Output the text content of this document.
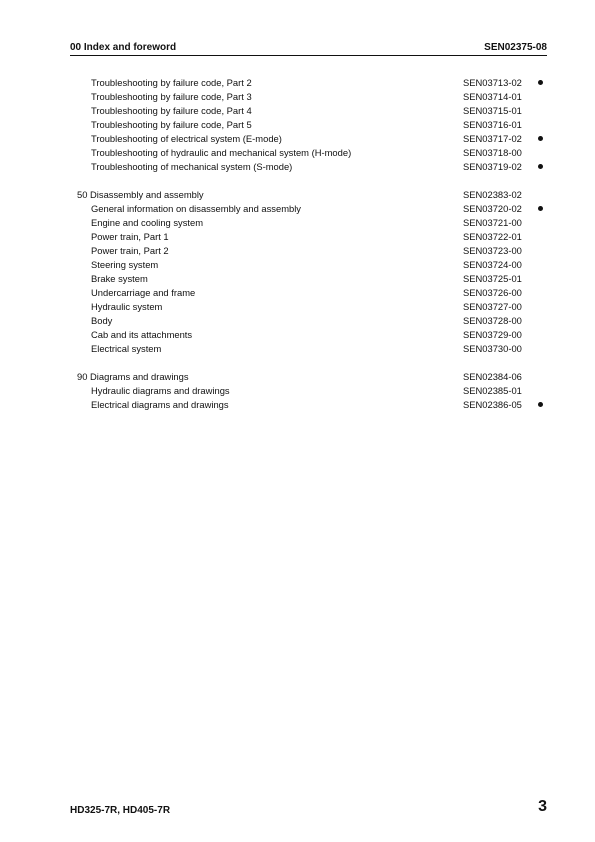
00 Index and foreword	SEN02375-08
Troubleshooting by failure code, Part 2	SEN03713-02
Troubleshooting by failure code, Part 3	SEN03714-01
Troubleshooting by failure code, Part 4	SEN03715-01
Troubleshooting by failure code, Part 5	SEN03716-01
Troubleshooting of electrical system (E-mode)	SEN03717-02
Troubleshooting of hydraulic and mechanical system (H-mode)	SEN03718-00
Troubleshooting of mechanical system (S-mode)	SEN03719-02
50 Disassembly and assembly	SEN02383-02
General information on disassembly and assembly	SEN03720-02
Engine and cooling system	SEN03721-00
Power train, Part 1	SEN03722-01
Power train, Part 2	SEN03723-00
Steering system	SEN03724-00
Brake system	SEN03725-01
Undercarriage and frame	SEN03726-00
Hydraulic system	SEN03727-00
Body	SEN03728-00
Cab and its attachments	SEN03729-00
Electrical system	SEN03730-00
90 Diagrams and drawings	SEN02384-06
Hydraulic diagrams and drawings	SEN02385-01
Electrical diagrams and drawings	SEN02386-05
HD325-7R, HD405-7R	3
